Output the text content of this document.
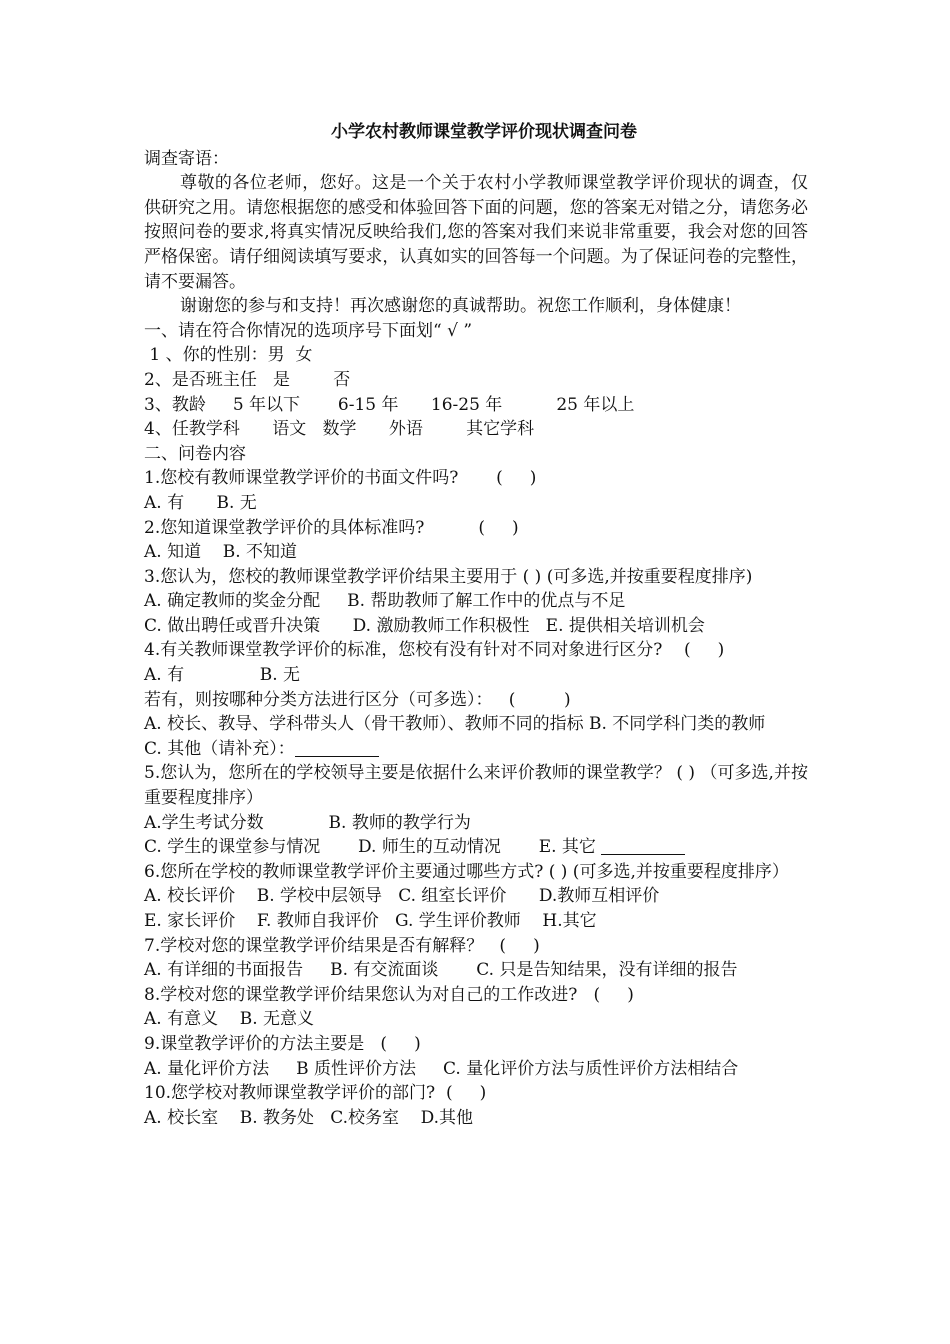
小学农村教师课堂教学评价现状调查问卷
调查寄语：
尊敬的各位老师，您好。这是一个关于农村小学教师课堂教学评价现状的调查，仅供研究之用。请您根据您的感受和体验回答下面的问题，您的答案无对错之分，请您务必按照问卷的要求,将真实情况反映给我们,您的答案对我们来说非常重要，我会对您的回答严格保密。请仔细阅读填写要求，认真如实的回答每一个问题。为了保证问卷的完整性，请不要漏答。
谢谢您的参与和支持！再次感谢您的真诚帮助。祝您工作顺利，身体健康！
一、请在符合你情况的选项序号下面划“ √ ”
1 、你的性别：男  女
2、是否班主任   是        否
3、教龄     5 年以下       6-15 年      16-25 年          25 年以上
4、任教学科      语文   数学      外语        其它学科
二、问卷内容
1.您校有教师课堂教学评价的书面文件吗?       (     )
A. 有      B. 无
2.您知道课堂教学评价的具体标准吗?          (     )
A. 知道    B. 不知道
3.您认为，您校的教师课堂教学评价结果主要用于 ( ) (可多选,并按重要程度排序)
A. 确定教师的奖金分配     B. 帮助教师了解工作中的优点与不足
C. 做出聘任或晋升决策      D. 激励教师工作积极性   E. 提供相关培训机会
4.有关教师课堂教学评价的标准，您校有没有针对不同对象进行区分?    (     )
A. 有              B. 无
若有，则按哪种分类方法进行区分（可多选）：   (         )
A. 校长、教导、学科带头人（骨干教师）、教师不同的指标 B. 不同学科门类的教师
C. 其他（请补充）：
5.您认为，您所在的学校领导主要是依据什么来评价教师的课堂教学？ ( ) （可多选,并按重要程度排序）
A.学生考试分数            B. 教师的教学行为
C. 学生的课堂参与情况       D. 师生的互动情况       E. 其它
6.您所在学校的教师课堂教学评价主要通过哪些方式? ( ) (可多选,并按重要程度排序）
A. 校长评价    B. 学校中层领导   C. 组室长评价      D.教师互相评价
E. 家长评价    F. 教师自我评价   G. 学生评价教师    H.其它
7.学校对您的课堂教学评价结果是否有解释？   (     )
A. 有详细的书面报告     B. 有交流面谈       C. 只是告知结果，没有详细的报告
8.学校对您的课堂教学评价结果您认为对自己的工作改进?   (     )
A. 有意义    B. 无意义
9.课堂教学评价的方法主要是   (     )
A. 量化评价方法     B 质性评价方法     C. 量化评价方法与质性评价方法相结合
10.您学校对教师课堂教学评价的部门?  (     )
A. 校长室    B. 教务处   C.校务室    D.其他
